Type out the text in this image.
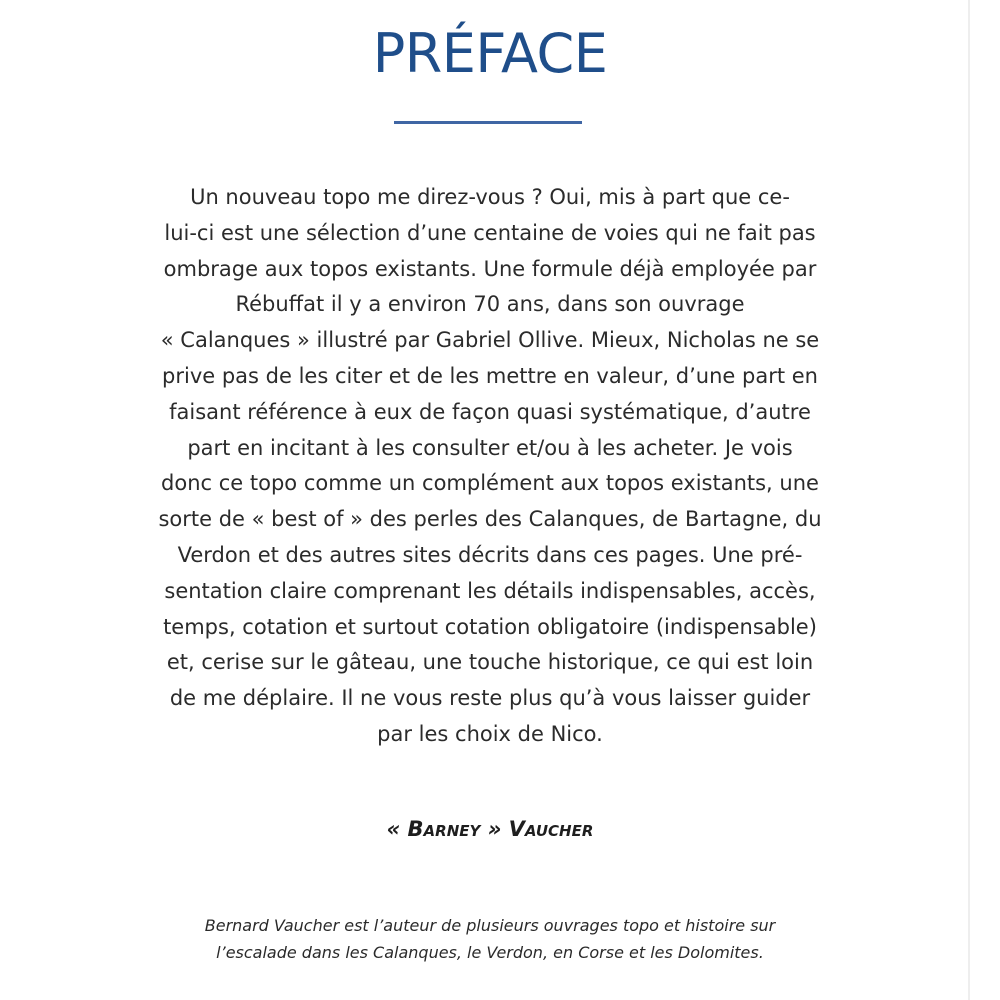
PRÉFACE
Un nouveau topo me direz-vous ? Oui, mis à part que ce-
lui-ci est une sélection d’une centaine de voies qui ne fait pas
ombrage aux topos existants. Une formule déjà employée par
Rébuffat il y a environ 70 ans, dans son ouvrage
« Calanques » illustré par Gabriel Ollive. Mieux, Nicholas ne se
prive pas de les citer et de les mettre en valeur, d’une part en
faisant référence à eux de façon quasi systématique, d’autre
part en incitant à les consulter et/ou à les acheter. Je vois
donc ce topo comme un complément aux topos existants, une
sorte de « best of » des perles des Calanques, de Bartagne, du
Verdon et des autres sites décrits dans ces pages. Une pré-
sentation claire comprenant les détails indispensables, accès,
temps, cotation et surtout cotation obligatoire (indispensable)
et, cerise sur le gâteau, une touche historique, ce qui est loin
de me déplaire. Il ne vous reste plus qu’à vous laisser guider
par les choix de Nico.
« Barney » Vaucher
Bernard Vaucher est l’auteur de plusieurs ouvrages topo et histoire sur
l’escalade dans les Calanques, le Verdon, en Corse et les Dolomites.
